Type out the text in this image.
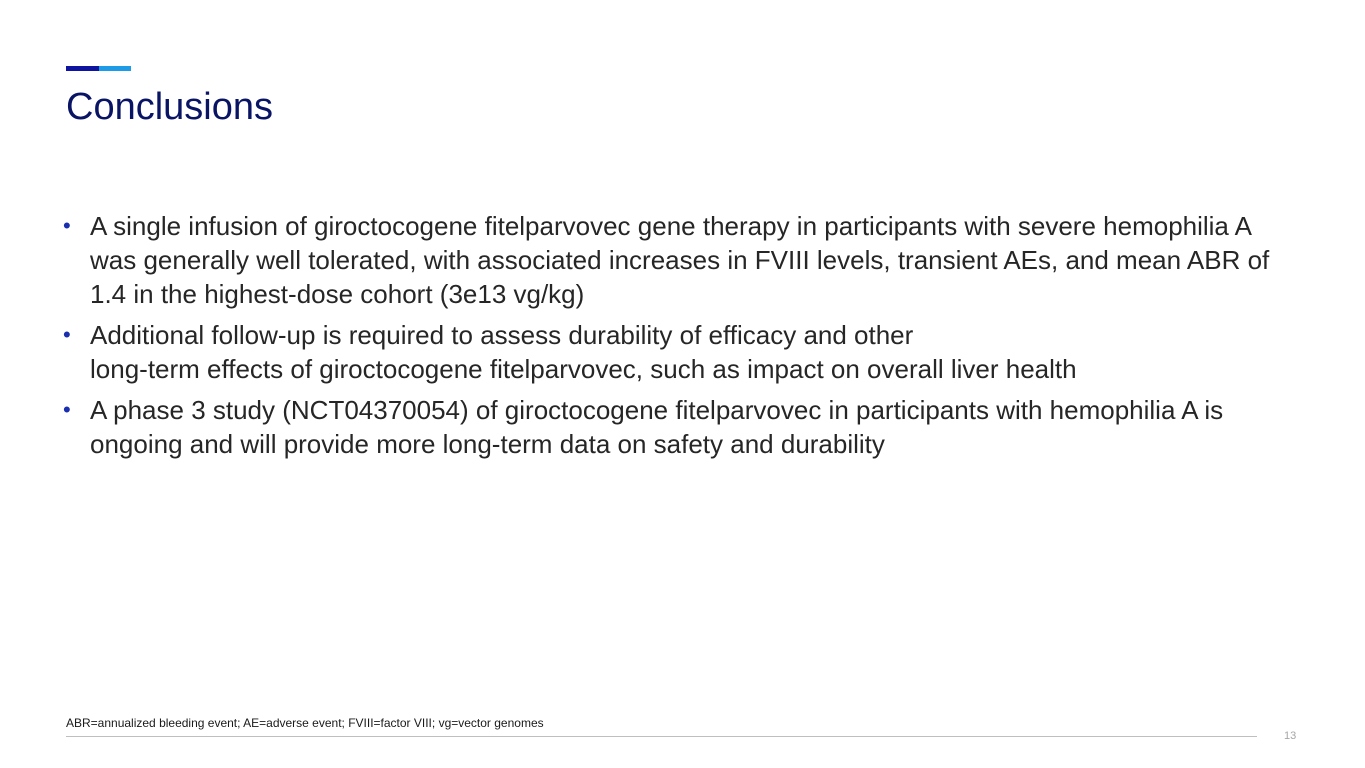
Conclusions
• A single infusion of giroctocogene fitelparvovec gene therapy in participants with severe hemophilia A was generally well tolerated, with associated increases in FVIII levels, transient AEs, and mean ABR of 1.4 in the highest-dose cohort (3e13 vg/kg)
• Additional follow-up is required to assess durability of efficacy and other
long-term effects of giroctocogene fitelparvovec, such as impact on overall liver health
• A phase 3 study (NCT04370054) of giroctocogene fitelparvovec in participants with hemophilia A is ongoing and will provide more long-term data on safety and durability
ABR=annualized bleeding event; AE=adverse event; FVIII=factor VIII; vg=vector genomes
13
